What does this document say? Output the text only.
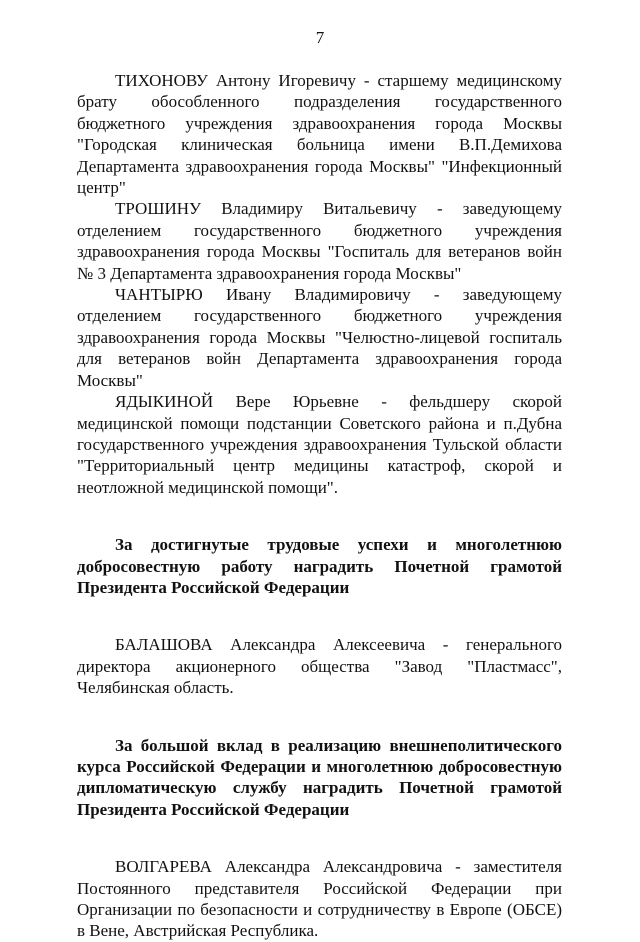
7

ТИХОНОВУ Антону Игоревичу - старшему медицинскому брату обособленного подразделения государственного бюджетного учреждения здравоохранения города Москвы "Городская клиническая больница имени В.П.Демихова Департамента здравоохранения города Москвы" "Инфекционный центр"

ТРОШИНУ Владимиру Витальевичу - заведующему отделением государственного бюджетного учреждения здравоохранения города Москвы "Госпиталь для ветеранов войн № 3 Департамента здравоохранения города Москвы"

ЧАНТЫРЮ Ивану Владимировичу - заведующему отделением государственного бюджетного учреждения здравоохранения города Москвы "Челюстно-лицевой госпиталь для ветеранов войн Департамента здравоохранения города Москвы"

ЯДЫКИНОЙ Вере Юрьевне - фельдшеру скорой медицинской помощи подстанции Советского района и п.Дубна государственного учреждения здравоохранения Тульской области "Территориальный центр медицины катастроф, скорой и неотложной медицинской помощи".

За достигнутые трудовые успехи и многолетнюю добросовестную работу наградить Почетной грамотой Президента Российской Федерации

БАЛАШОВА Александра Алексеевича - генерального директора акционерного общества "Завод "Пластмасс", Челябинская область.

За большой вклад в реализацию внешнеполитического курса Российской Федерации и многолетнюю добросовестную дипломатическую службу наградить Почетной грамотой Президента Российской Федерации

ВОЛГАРЕВА Александра Александровича - заместителя Постоянного представителя Российской Федерации при Организации по безопасности и сотрудничеству в Европе (ОБСЕ) в Вене, Австрийская Республика.
